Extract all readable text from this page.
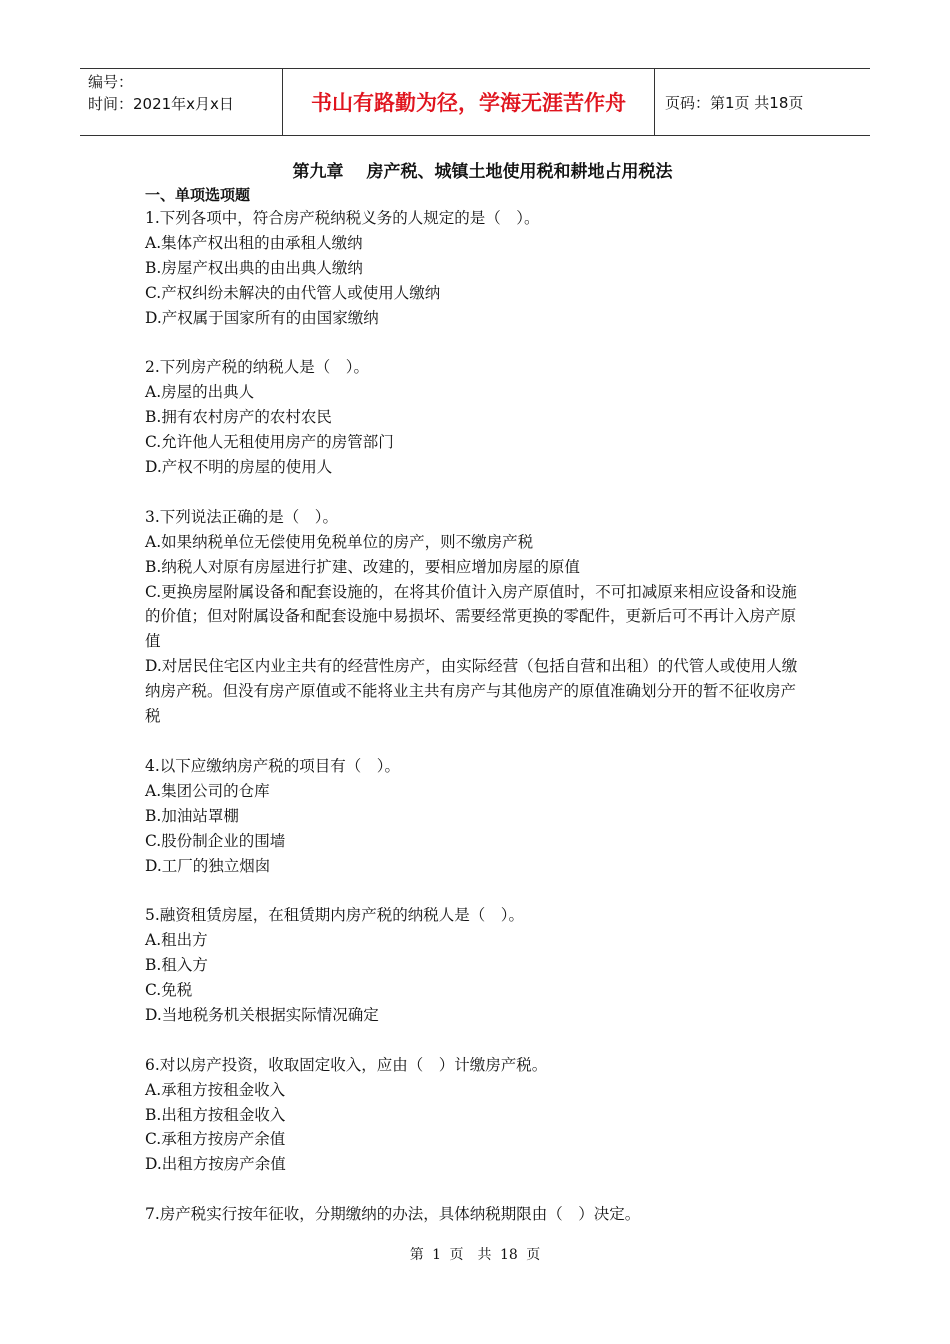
编号：
时间：2021年x月x日	书山有路勤为径，学海无涯苦作舟	页码：第1页 共18页

第九章　 房产税、城镇土地使用税和耕地占用税法

一、单项选项题

1.下列各项中，符合房产税纳税义务的人规定的是（　）。

A.集体产权出租的由承租人缴纳

B.房屋产权出典的由出典人缴纳

C.产权纠纷未解决的由代管人或使用人缴纳

D.产权属于国家所有的由国家缴纳

2.下列房产税的纳税人是（　）。

A.房屋的出典人

B.拥有农村房产的农村农民

C.允许他人无租使用房产的房管部门

D.产权不明的房屋的使用人

3.下列说法正确的是（　）。

A.如果纳税单位无偿使用免税单位的房产，则不缴房产税

B.纳税人对原有房屋进行扩建、改建的，要相应增加房屋的原值

C.更换房屋附属设备和配套设施的，在将其价值计入房产原值时，不可扣减原来相应设备和设施的价值；但对附属设备和配套设施中易损坏、需要经常更换的零配件，更新后可不再计入房产原值

D.对居民住宅区内业主共有的经营性房产，由实际经营（包括自营和出租）的代管人或使用人缴纳房产税。但没有房产原值或不能将业主共有房产与其他房产的原值准确划分开的暂不征收房产税

4.以下应缴纳房产税的项目有（　）。

A.集团公司的仓库

B.加油站罩棚

C.股份制企业的围墙

D.工厂的独立烟囱

5.融资租赁房屋，在租赁期内房产税的纳税人是（　）。

A.租出方

B.租入方

C.免税

D.当地税务机关根据实际情况确定

6.对以房产投资，收取固定收入，应由（　）计缴房产税。

A.承租方按租金收入

B.出租方按租金收入

C.承租方按房产余值

D.出租方按房产余值

7.房产税实行按年征收，分期缴纳的办法，具体纳税期限由（　）决定。

第 1 页　共 18 页
